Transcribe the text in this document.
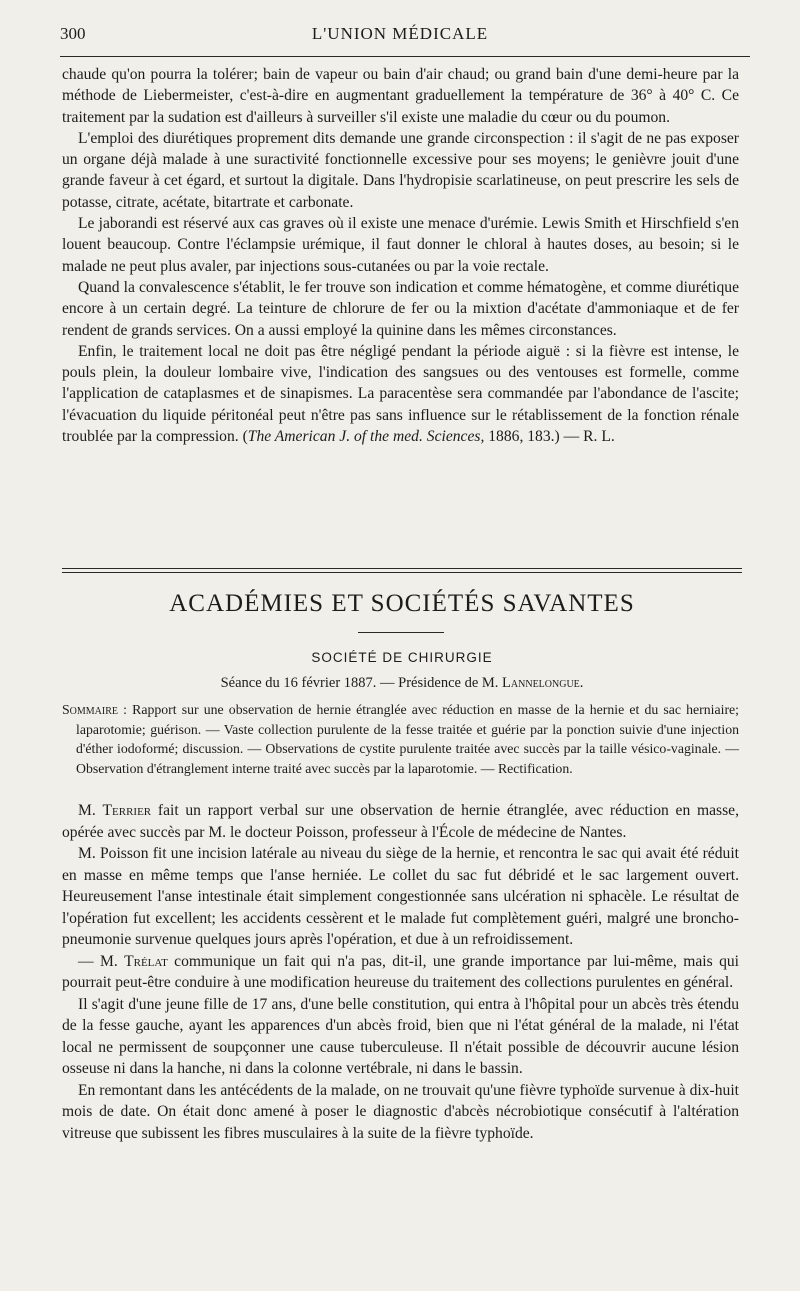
300	L'UNION MÉDICALE

chaude qu'on pourra la tolérer; bain de vapeur ou bain d'air chaud; ou grand bain d'une demi-heure par la méthode de Liebermeister, c'est-à-dire en augmentant graduellement la température de 36° à 40° C. Ce traitement par la sudation est d'ailleurs à surveiller s'il existe une maladie du cœur ou du poumon.

L'emploi des diurétiques proprement dits demande une grande circonspection : il s'agit de ne pas exposer un organe déjà malade à une suractivité fonctionnelle excessive pour ses moyens; le genièvre jouit d'une grande faveur à cet égard, et surtout la digitale. Dans l'hydropisie scarlatineuse, on peut prescrire les sels de potasse, citrate, acétate, bitartrate et carbonate.

Le jaborandi est réservé aux cas graves où il existe une menace d'urémie. Lewis Smith et Hirschfield s'en louent beaucoup. Contre l'éclampsie urémique, il faut donner le chloral à hautes doses, au besoin; si le malade ne peut plus avaler, par injections sous-cutanées ou par la voie rectale.

Quand la convalescence s'établit, le fer trouve son indication et comme hématogène, et comme diurétique encore à un certain degré. La teinture de chlorure de fer ou la mixtion d'acétate d'ammoniaque et de fer rendent de grands services. On a aussi employé la quinine dans les mêmes circonstances.

Enfin, le traitement local ne doit pas être négligé pendant la période aiguë : si la fièvre est intense, le pouls plein, la douleur lombaire vive, l'indication des sangsues ou des ventouses est formelle, comme l'application de cataplasmes et de sinapismes. La paracentèse sera commandée par l'abondance de l'ascite; l'évacuation du liquide péritonéal peut n'être pas sans influence sur le rétablissement de la fonction rénale troublée par la compression. (The American J. of the med. Sciences, 1886, 183.) — R. L.

ACADÉMIES ET SOCIÉTÉS SAVANTES
SOCIÉTÉ DE CHIRURGIE
Séance du 16 février 1887. — Présidence de M. Lannelongue.

Sommaire : Rapport sur une observation de hernie étranglée avec réduction en masse de la hernie et du sac herniaire; laparotomie; guérison. — Vaste collection purulente de la fesse traitée et guérie par la ponction suivie d'une injection d'éther iodoformé; discussion. — Observations de cystite purulente traitée avec succès par la taille vésico-vaginale. — Observation d'étranglement interne traité avec succès par la laparotomie. — Rectification.

M. Terrier fait un rapport verbal sur une observation de hernie étranglée, avec réduction en masse, opérée avec succès par M. le docteur Poisson, professeur à l'École de médecine de Nantes.

M. Poisson fit une incision latérale au niveau du siège de la hernie, et rencontra le sac qui avait été réduit en masse en même temps que l'anse herniée. Le collet du sac fut débridé et le sac largement ouvert. Heureusement l'anse intestinale était simplement congestionnée sans ulcération ni sphacèle. Le résultat de l'opération fut excellent; les accidents cessèrent et le malade fut complètement guéri, malgré une broncho-pneumonie survenue quelques jours après l'opération, et due à un refroidissement.

— M. Trélat communique un fait qui n'a pas, dit-il, une grande importance par lui-même, mais qui pourrait peut-être conduire à une modification heureuse du traitement des collections purulentes en général.

Il s'agit d'une jeune fille de 17 ans, d'une belle constitution, qui entra à l'hôpital pour un abcès très étendu de la fesse gauche, ayant les apparences d'un abcès froid, bien que ni l'état général de la malade, ni l'état local ne permissent de soupçonner une cause tuberculeuse. Il n'était possible de découvrir aucune lésion osseuse ni dans la hanche, ni dans la colonne vertébrale, ni dans le bassin.

En remontant dans les antécédents de la malade, on ne trouvait qu'une fièvre typhoïde survenue à dix-huit mois de date. On était donc amené à poser le diagnostic d'abcès nécrobiotique consécutif à l'altération vitreuse que subissent les fibres musculaires à la suite de la fièvre typhoïde.
